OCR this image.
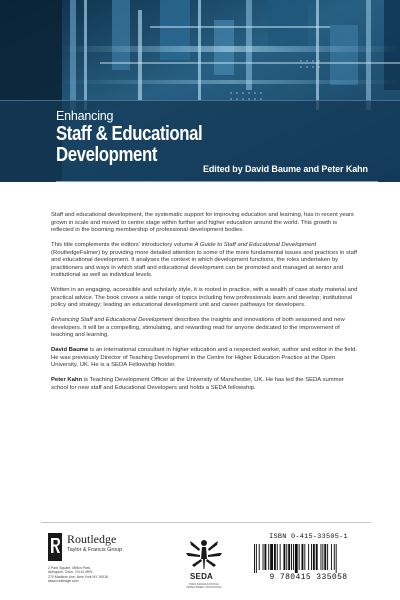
Enhancing
Staff & Educational
Development
Edited by David Baume and Peter Kahn

Staff and educational development, the systematic support for improving education and learning, has in recent years grown in scale and moved to centre stage within further and higher education around the world. This growth is reflected in the booming membership of professional development bodies.

This title complements the editors' introductory volume A Guide to Staff and Educational Development (RoutledgeFalmer) by providing more detailed attention to some of the more fundamental issues and practices in staff and educational development. It analyses the context in which development functions, the roles undertaken by practitioners and ways in which staff and educational development can be promoted and managed at senior and institutional as well as individual levels.

Written in an engaging, accessible and scholarly style, it is rooted in practice, with a wealth of case study material and practical advice. The book covers a wide range of topics including how professionals learn and develop; institutional policy and strategy; leading an educational development unit and career pathways for developers.

Enhancing Staff and Educational Development describes the insights and innovations of both seasoned and new developers. It will be a compelling, stimulating, and rewarding read for anyone dedicated to the improvement of teaching and learning.

David Baume is an international consultant in higher education and a respected worker, author and editor in the field. He was previously Director of Teaching Development in the Centre for Higher Education Practice at the Open University, UK. He is a SEDA Fellowship holder.

Peter Kahn is Teaching Development Officer at the University of Manchester, UK. He has led the SEDA summer school for new staff and Educational Developers and holds a SEDA fellowship.

Routledge
Taylor & Francis Group
2 Park Square, Milton Park,
Abingdon, Oxon, OX14 4RN
270 Madison Ave, New York NY 10016
www.routledge.com
SEDA
STAFF AND EDUCATIONAL
DEVELOPMENT ASSOCIATION
ISBN 0-415-33505-1
9 780415 335058
